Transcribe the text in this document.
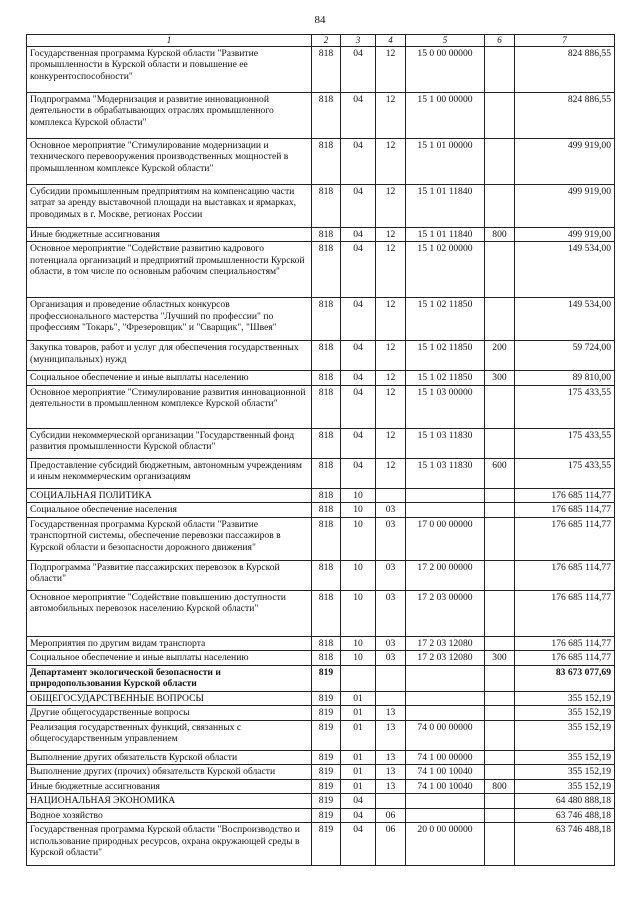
84
1	2	3	4	5	6	7
Государственная программа Курской области "Развитие промышленности в Курской области и повышение ее конкурентоспособности"	818	04	12	15 0 00 00000		824 886,55
Подпрограмма "Модернизация и развитие инновационной деятельности в обрабатывающих отраслях промышленного комплекса Курской области"	818	04	12	15 1 00 00000		824 886,55
Основное мероприятие "Стимулирование модернизации и технического перевооружения производственных мощностей в промышленном комплексе Курской области"	818	04	12	15 1 01 00000		499 919,00
Субсидии промышленным предприятиям на компенсацию части затрат за аренду выставочной площади на выставках и ярмарках, проводимых в г. Москве, регионах России	818	04	12	15 1 01 11840		499 919,00
Иные бюджетные ассигнования	818	04	12	15 1 01 11840	800	499 919,00
Основное мероприятие "Содействие развитию кадрового потенциала организаций и предприятий промышленности Курской области, в том числе по основным рабочим специальностям"	818	04	12	15 1 02 00000		149 534,00
Организация и проведение областных конкурсов профессионального мастерства "Лучший по профессии" по профессиям "Токарь", "Фрезеровщик" и "Сварщик", "Швея"	818	04	12	15 1 02 11850		149 534,00
Закупка товаров, работ и услуг для обеспечения государственных (муниципальных) нужд	818	04	12	15 1 02 11850	200	59 724,00
Социальное обеспечение и иные выплаты населению	818	04	12	15 1 02 11850	300	89 810,00
Основное мероприятие "Стимулирование развития инновационной деятельности в промышленном комплексе Курской области"	818	04	12	15 1 03 00000		175 433,55
Субсидии некоммерческой организации "Государственный фонд развития промышленности Курской области"	818	04	12	15 1 03 11830		175 433,55
Предоставление субсидий бюджетным, автономным учреждениям и иным некоммерческим организациям	818	04	12	15 1 03 11830	600	175 433,55
СОЦИАЛЬНАЯ ПОЛИТИКА	818	10				176 685 114,77
Социальное обеспечение населения	818	10	03			176 685 114,77
Государственная программа Курской области "Развитие транспортной системы, обеспечение перевозки пассажиров в Курской области и безопасности дорожного движения"	818	10	03	17 0 00 00000		176 685 114,77
Подпрограмма "Развитие пассажирских перевозок в Курской области"	818	10	03	17 2 00 00000		176 685 114,77
Основное мероприятие "Содействие повышению доступности автомобильных перевозок населению Курской области"	818	10	03	17 2 03 00000		176 685 114,77
Мероприятия по другим видам транспорта	818	10	03	17 2 03 12080		176 685 114,77
Социальное обеспечение и иные выплаты населению	818	10	03	17 2 03 12080	300	176 685 114,77
Департамент экологической безопасности и природопользования Курской области	819					83 673 077,69
ОБЩЕГОСУДАРСТВЕННЫЕ ВОПРОСЫ	819	01				355 152,19
Другие общегосударственные вопросы	819	01	13			355 152,19
Реализация государственных функций, связанных с общегосударственным управлением	819	01	13	74 0 00 00000		355 152,19
Выполнение других обязательств Курской области	819	01	13	74 1 00 00000		355 152,19
Выполнение других (прочих) обязательств Курской области	819	01	13	74 1 00 10040		355 152,19
Иные бюджетные ассигнования	819	01	13	74 1 00 10040	800	355 152,19
НАЦИОНАЛЬНАЯ ЭКОНОМИКА	819	04				64 480 888,18
Водное хозяйство	819	04	06			63 746 488,18
Государственная программа Курской области "Воспроизводство и использование природных ресурсов, охрана окружающей среды в Курской области"	819	04	06	20 0 00 00000		63 746 488,18
